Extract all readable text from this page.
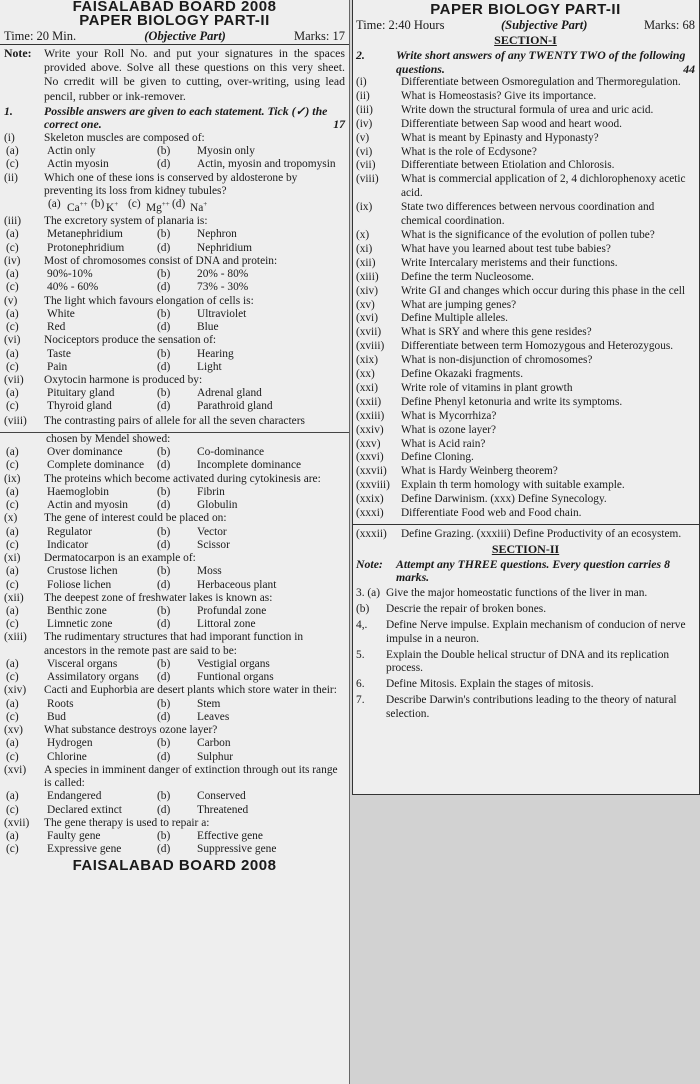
FAISALABAD BOARD 2008
PAPER BIOLOGY PART-II
Time: 20 Min.	(Objective Part)	Marks: 17
Note:	Write your Roll No. and put your signatures in the spaces provided above. Solve all these questions on this very sheet. No crredit will be given to cutting, over-writing, using lead pencil, rubber or ink-remover.
1.	Possible answers are given to each statement. Tick (✓) the correct one.	17
(i)	Skeleton muscles are composed of:
(a)	Actin only	(b)	Myosin only
(c)	Actin myosin	(d)	Actin, myosin and tropomysin
(ii)	Which one of these ions is conserved by aldosterone by preventing its loss from kidney tubules?
(a) Ca++ (b) K+ (c) Mg++ (d) Na+
(iii)	The excretory system of planaria is:
(a)	Metanephridium	(b)	Nephron
(c)	Protonephridium	(d)	Nephridium
(iv)	Most of chromosomes consist of DNA and protein:
(a)	90%-10%	(b)	20% - 80%
(c)	40% - 60%	(d)	73% - 30%
(v)	The light which favours elongation of cells is:
(a)	White	(b)	Ultraviolet
(c)	Red	(d)	Blue
(vi)	Nociceptors produce the sensation of:
(a)	Taste	(b)	Hearing
(c)	Pain	(d)	Light
(vii)	Oxytocin harmone is produced by:
(a)	Pituitary gland	(b)	Adrenal gland
(c)	Thyroid gland	(d)	Parathroid gland
(viii)	The contrasting pairs of allele for all the seven characters
chosen by Mendel showed:
(a)	Over dominance	(b)	Co-dominance
(c)	Complete dominance	(d)	Incomplete dominance
(ix)	The proteins which become activated during cytokinesis are:
(a)	Haemoglobin	(b)	Fibrin
(c)	Actin and myosin	(d)	Globulin
(x)	The gene of interest could be placed on:
(a)	Regulator	(b)	Vector
(c)	Indicator	(d)	Scissor
(xi)	Dermatocarpon is an example of:
(a)	Crustose lichen	(b)	Moss
(c)	Foliose lichen	(d)	Herbaceous plant
(xii)	The deepest zone of freshwater lakes is known as:
(a)	Benthic zone	(b)	Profundal zone
(c)	Limnetic zone	(d)	Littoral zone
(xiii)	The rudimentary structures that had imporant function in ancestors in the remote past are said to be:
(a)	Visceral organs	(b)	Vestigial organs
(c)	Assimilatory organs	(d)	Funtional organs
(xiv)	Cacti and Euphorbia are desert plants which store water in their:
(a)	Roots	(b)	Stem
(c)	Bud	(d)	Leaves
(xv)	What substance destroys ozone layer?
(a)	Hydrogen	(b)	Carbon
(c)	Chlorine	(d)	Sulphur
(xvi)	A species in imminent danger of extinction through out its range is called:
(a)	Endangered	(b)	Conserved
(c)	Declared extinct	(d)	Threatened
(xvii)	The gene therapy is used to repair a:
(a)	Faulty gene	(b)	Effective gene
(c)	Expressive gene	(d)	Suppressive gene
FAISALABAD BOARD 2008
PAPER BIOLOGY PART-II
Time: 2:40 Hours	(Subjective Part)	Marks: 68
SECTION-I
2.	Write short answers of any TWENTY TWO of the following questions.	44
(i)	Differentiate between Osmoregulation and Thermoregulation.
(ii)	What is Homeostasis? Give its importance.
(iii)	Write down the structural formula of urea and uric acid.
(iv)	Differentiate between Sap wood and heart wood.
(v)	What is meant by Epinasty and Hyponasty?
(vi)	What is the role of Ecdysone?
(vii)	Differentiate between Etiolation and Chlorosis.
(viii)	What is commercial application of 2, 4 dichlorophenoxy acetic acid.
(ix)	State two differences between nervous coordination and chemical coordination.
(x)	What is the significance of the evolution of pollen tube?
(xi)	What have you learned about test tube babies?
(xii)	Write Intercalary meristems and their functions.
(xiii)	Define the term Nucleosome.
(xiv)	Write GI and changes which occur during this phase in the cell
(xv)	What are jumping genes?
(xvi)	Define Multiple alleles.
(xvii)	What is SRY and where this gene resides?
(xviii)	Differentiate between term Homozygous and Heterozygous.
(xix)	What is non-disjunction of chromosomes?
(xx)	Define Okazaki fragments.
(xxi)	Write role of vitamins in plant growth
(xxii)	Define Phenyl ketonuria and write its symptoms.
(xxiii)	What is Mycorrhiza?
(xxiv)	What is ozone layer?
(xxv)	What is Acid rain?
(xxvi)	Define Cloning.
(xxvii)	What is Hardy Weinberg theorem?
(xxviii) Explain th term homology with suitable example.
(xxix)	Define Darwinism. (xxx) Define Synecology.
(xxxi)	Differentiate Food web and Food chain.
(xxxii)	Define Grazing. (xxxiii) Define Productivity of an ecosystem.
SECTION-II
Note:	Attempt any THREE questions. Every question carries 8 marks.
3. (a) Give the major homeostatic functions of the liver in man.
(b)	Descrie the repair of broken bones.
4,.	Define Nerve impulse. Explain mechanism of conducion of nerve impulse in a neuron.
5.	Explain the Double helical structur of DNA and its replication process.
6.	Define Mitosis. Explain the stages of mitosis.
7.	Describe Darwin's contributions leading to the theory of natural selection.
